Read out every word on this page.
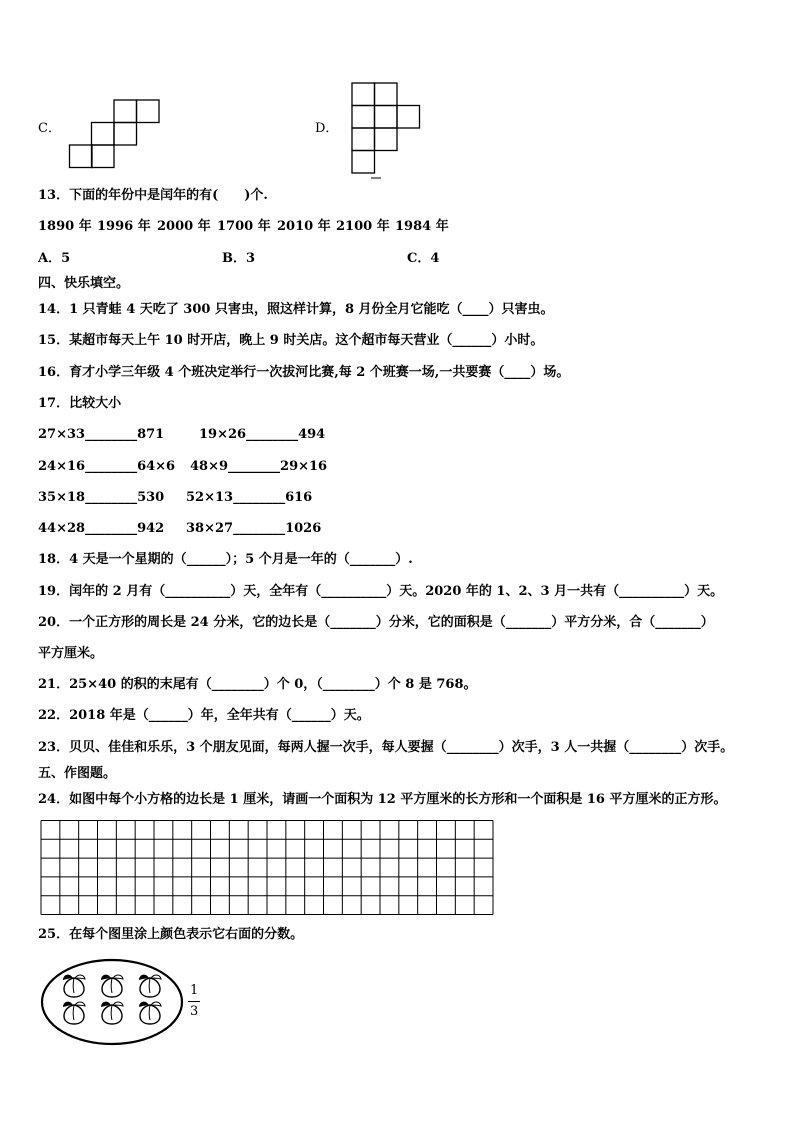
C．	D．
13．下面的年份中是闰年的有(　　)个.
1890 年 1996 年 2000 年 1700 年 2010 年 2100 年 1984 年
A．5	B．3	C．4
四、快乐填空。
14．1 只青蛙 4 天吃了 300 只害虫，照这样计算，8 月份全月它能吃（____）只害虫。
15．某超市每天上午 10 时开店，晚上 9 时关店。这个超市每天营业（______）小时。
16．育才小学三年级 4 个班决定举行一次拔河比赛,每 2 个班赛一场,一共要赛（____）场。
17．比较大小
27×33________871	19×26________494
24×16________64×6 48×9________29×16
35×18________530 52×13________616
44×28________942 38×27________1026
18．4 天是一个星期的（______）；5 个月是一年的（_______）.
19．闰年的 2 月有（__________）天，全年有（__________）天。2020 年的 1、2、3 月一共有（__________）天。
20．一个正方形的周长是 24 分米，它的边长是（_______）分米，它的面积是（_______）平方分米，合（_______）
平方厘米。
21．25×40 的积的末尾有（________）个 0，（________）个 8 是 768。
22．2018 年是（______）年，全年共有（______）天。
23．贝贝、佳佳和乐乐，3 个朋友见面，每两人握一次手，每人要握（________）次手，3 人一共握（________）次手。
五、作图题。
24．如图中每个小方格的边长是 1 厘米，请画一个面积为 12 平方厘米的长方形和一个面积是 16 平方厘米的正方形。
25．在每个图里涂上颜色表示它右面的分数。
1
3
